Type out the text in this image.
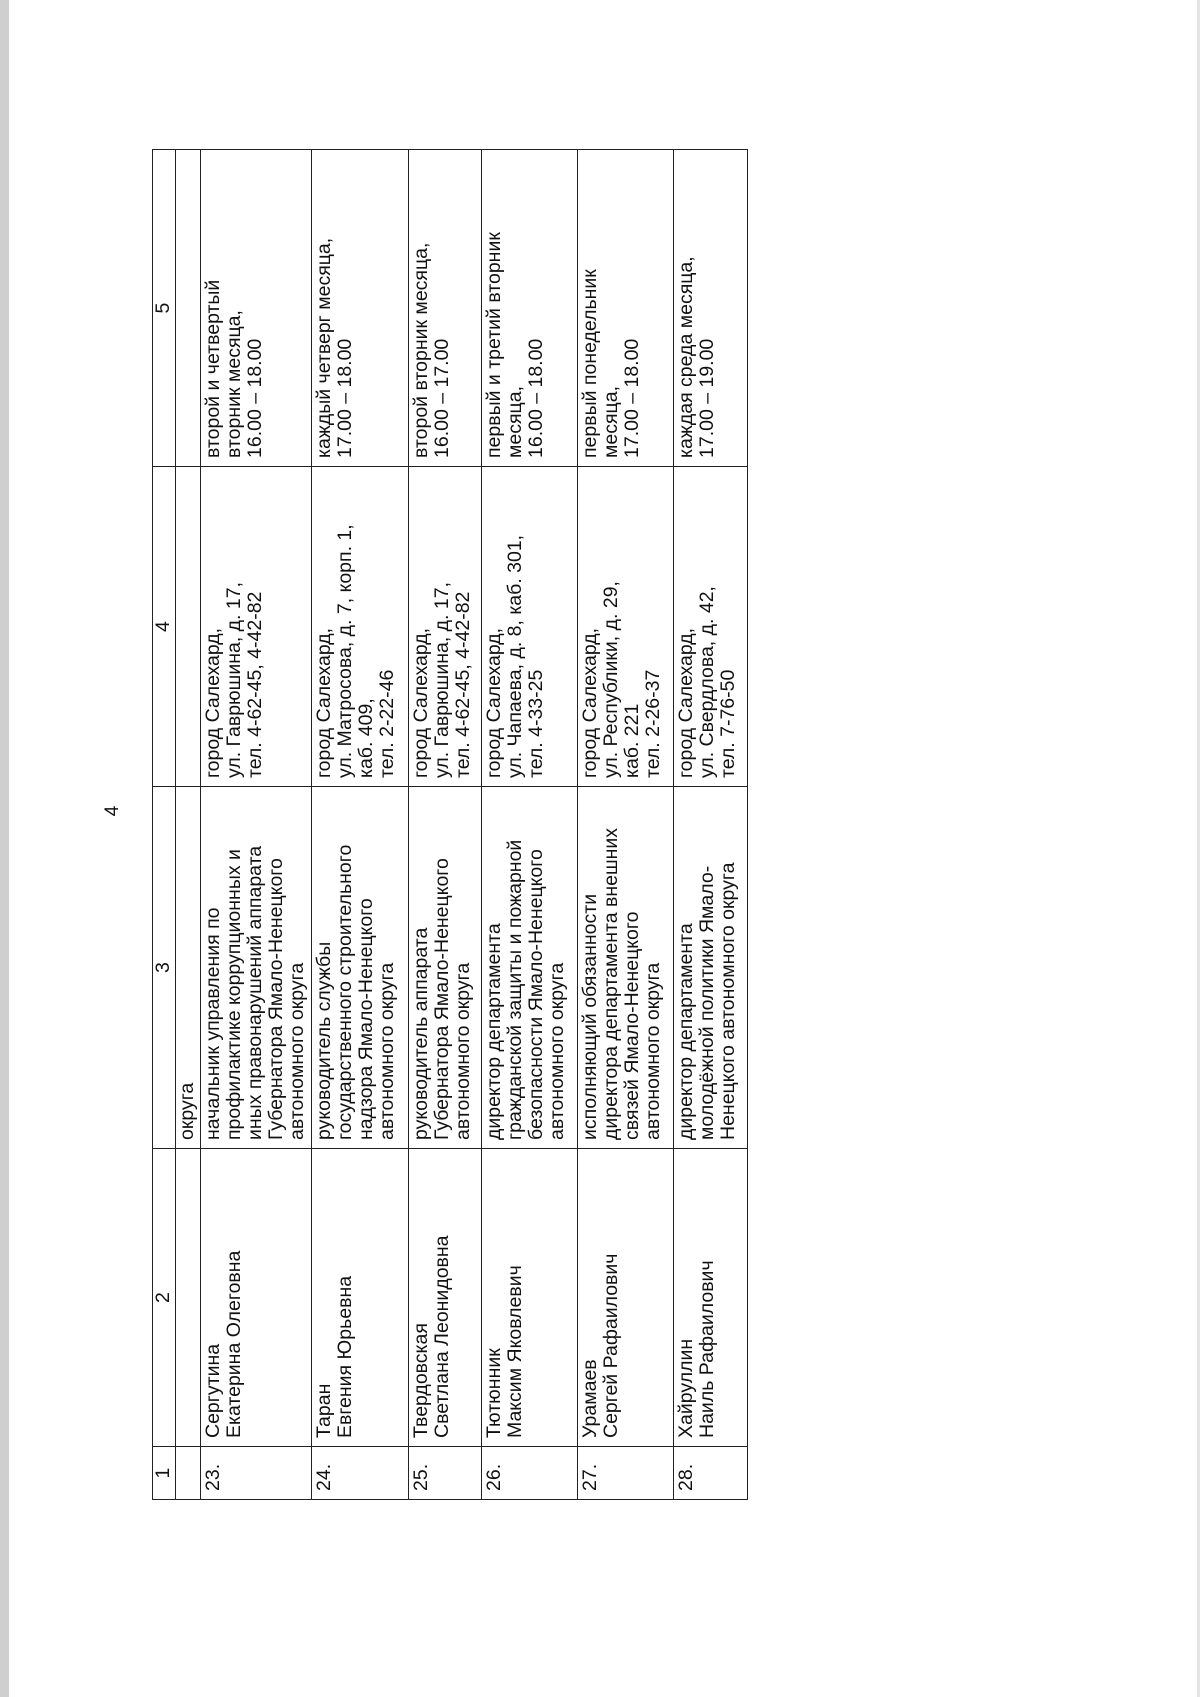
4
1	2	3	4	5
		округа		
23.	Сергутина
Екатерина Олеговна	начальник управления по
профилактике коррупционных и
иных правонарушений аппарата
Губернатора Ямало-Ненецкого
автономного округа	город Салехард,
ул. Гаврюшина, д. 17,
тел. 4-62-45, 4-42-82	второй и четвертый
вторник месяца,
16.00 – 18.00
24.	Таран
Евгения Юрьевна	руководитель службы
государственного строительного
надзора Ямало-Ненецкого
автономного округа	город Салехард,
ул. Матросова, д. 7, корп. 1,
каб. 409,
тел. 2-22-46	каждый четверг месяца,
17.00 – 18.00
25.	Твердовская
Светлана Леонидовна	руководитель аппарата
Губернатора Ямало-Ненецкого
автономного округа	город Салехард,
ул. Гаврюшина, д. 17,
тел. 4-62-45, 4-42-82	второй вторник месяца,
16.00 – 17.00
26.	Тютюнник
Максим Яковлевич	директор департамента
гражданской защиты и пожарной
безопасности Ямало-Ненецкого
автономного округа	город Салехард,
ул. Чапаева, д. 8, каб. 301,
тел. 4-33-25	первый и третий вторник
месяца,
16.00 – 18.00
27.	Урамаев
Сергей Рафаилович	исполняющий обязанности
директора департамента внешних
связей Ямало-Ненецкого
автономного округа	город Салехард,
ул. Республики, д. 29,
каб. 221
тел. 2-26-37	первый понедельник
месяца,
17.00 – 18.00
28.	Хайруллин
Наиль Рафаилович	директор департамента
молодёжной политики Ямало-
Ненецкого автономного округа	город Салехард,
ул. Свердлова, д. 42,
тел. 7-76-50	каждая среда месяца,
17.00 – 19.00
